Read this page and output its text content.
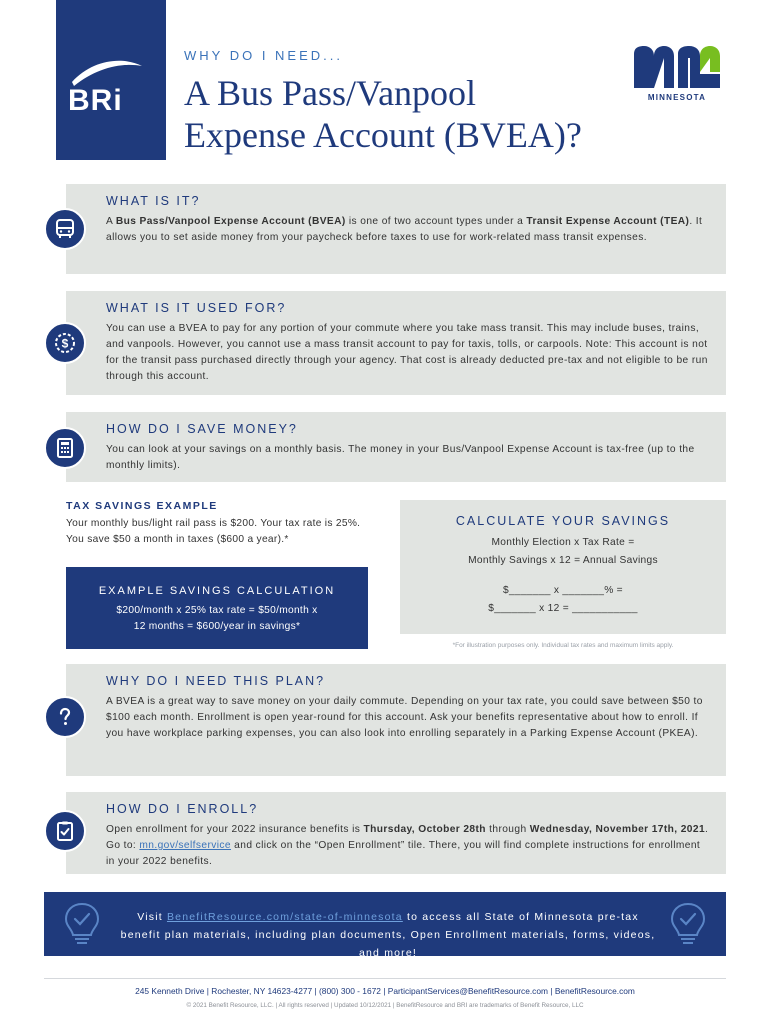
BRi
WHY DO I NEED...
A Bus Pass/Vanpool
Expense Account (BVEA)?
MINNESOTA
WHAT IS IT?

A Bus Pass/Vanpool Expense Account (BVEA) is one of two account types under a Transit Expense Account (TEA). It allows you to set aside money from your paycheck before taxes to use for work-related mass transit expenses.

WHAT IS IT USED FOR?

You can use a BVEA to pay for any portion of your commute where you take mass transit. This may include buses, trains, and vanpools. However, you cannot use a mass transit account to pay for taxis, tolls, or carpools. Note: This account is not for the transit pass purchased directly through your agency. That cost is already deducted pre-tax and not eligible to be run through this account.

$
HOW DO I SAVE MONEY?

You can look at your savings on a monthly basis. The money in your Bus/Vanpool Expense Account is tax-free (up to the monthly limits).

TAX SAVINGS EXAMPLE
Your monthly bus/light rail pass is $200. Your tax rate is 25%. You save $50 a month in taxes ($600 a year).*
EXAMPLE SAVINGS CALCULATION

$200/month x 25% tax rate = $50/month x

12 months = $600/year in savings*

CALCULATE YOUR SAVINGS

Monthly Election x Tax Rate =

Monthly Savings x 12 = Annual Savings

$_______ x _______% =

$_______ x 12 = ___________

*For illustration purposes only. Individual tax rates and maximum limits apply.
WHY DO I NEED THIS PLAN?

A BVEA is a great way to save money on your daily commute. Depending on your tax rate, you could save between $50 to $100 each month. Enrollment is open year-round for this account. Ask your benefits representative about how to enroll. If you have workplace parking expenses, you can also look into enrolling separately in a Parking Expense Account (PKEA).

HOW DO I ENROLL?

Open enrollment for your 2022 insurance benefits is Thursday, October 28th through Wednesday, November 17th, 2021. Go to: mn.gov/selfservice and click on the “Open Enrollment” tile. There, you will find complete instructions for enrollment in your 2022 benefits.

Visit BenefitResource.com/state-of-minnesota to access all State of Minnesota pre-tax benefit plan materials, including plan documents, Open Enrollment materials, forms, videos, and more!
245 Kenneth Drive | Rochester, NY 14623-4277 | (800) 300 - 1672 | ParticipantServices@BenefitResource.com | BenefitResource.com
© 2021 Benefit Resource, LLC. | All rights reserved | Updated 10/12/2021 | BenefitResource and BRI are trademarks of Benefit Resource, LLC
